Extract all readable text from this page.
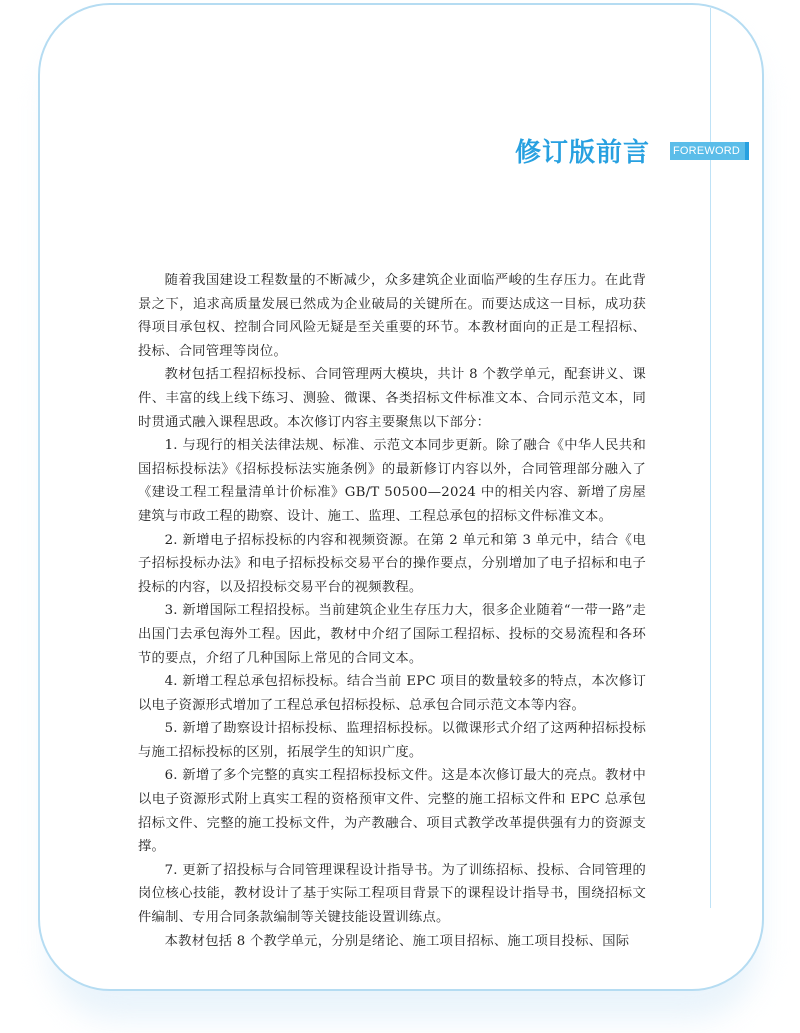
修订版前言 FOREWORD

随着我国建设工程数量的不断减少，众多建筑企业面临严峻的生存压力。在此背景之下，追求高质量发展已然成为企业破局的关键所在。而要达成这一目标，成功获得项目承包权、控制合同风险无疑是至关重要的环节。本教材面向的正是工程招标、投标、合同管理等岗位。

教材包括工程招标投标、合同管理两大模块，共计 8 个教学单元，配套讲义、课件、丰富的线上线下练习、测验、微课、各类招标文件标准文本、合同示范文本，同时贯通式融入课程思政。本次修订内容主要聚焦以下部分：

1. 与现行的相关法律法规、标准、示范文本同步更新。除了融合《中华人民共和国招标投标法》《招标投标法实施条例》的最新修订内容以外，合同管理部分融入了《建设工程工程量清单计价标准》GB/T 50500—2024 中的相关内容、新增了房屋建筑与市政工程的勘察、设计、施工、监理、工程总承包的招标文件标准文本。

2. 新增电子招标投标的内容和视频资源。在第 2 单元和第 3 单元中，结合《电子招标投标办法》和电子招标投标交易平台的操作要点，分别增加了电子招标和电子投标的内容，以及招投标交易平台的视频教程。

3. 新增国际工程招投标。当前建筑企业生存压力大，很多企业随着“一带一路”走出国门去承包海外工程。因此，教材中介绍了国际工程招标、投标的交易流程和各环节的要点，介绍了几种国际上常见的合同文本。

4. 新增工程总承包招标投标。结合当前 EPC 项目的数量较多的特点，本次修订以电子资源形式增加了工程总承包招标投标、总承包合同示范文本等内容。

5. 新增了勘察设计招标投标、监理招标投标。以微课形式介绍了这两种招标投标与施工招标投标的区别，拓展学生的知识广度。

6. 新增了多个完整的真实工程招标投标文件。这是本次修订最大的亮点。教材中以电子资源形式附上真实工程的资格预审文件、完整的施工招标文件和 EPC 总承包招标文件、完整的施工投标文件，为产教融合、项目式教学改革提供强有力的资源支撑。

7. 更新了招投标与合同管理课程设计指导书。为了训练招标、投标、合同管理的岗位核心技能，教材设计了基于实际工程项目背景下的课程设计指导书，围绕招标文件编制、专用合同条款编制等关键技能设置训练点。

本教材包括 8 个教学单元，分别是绪论、施工项目招标、施工项目投标、国际
